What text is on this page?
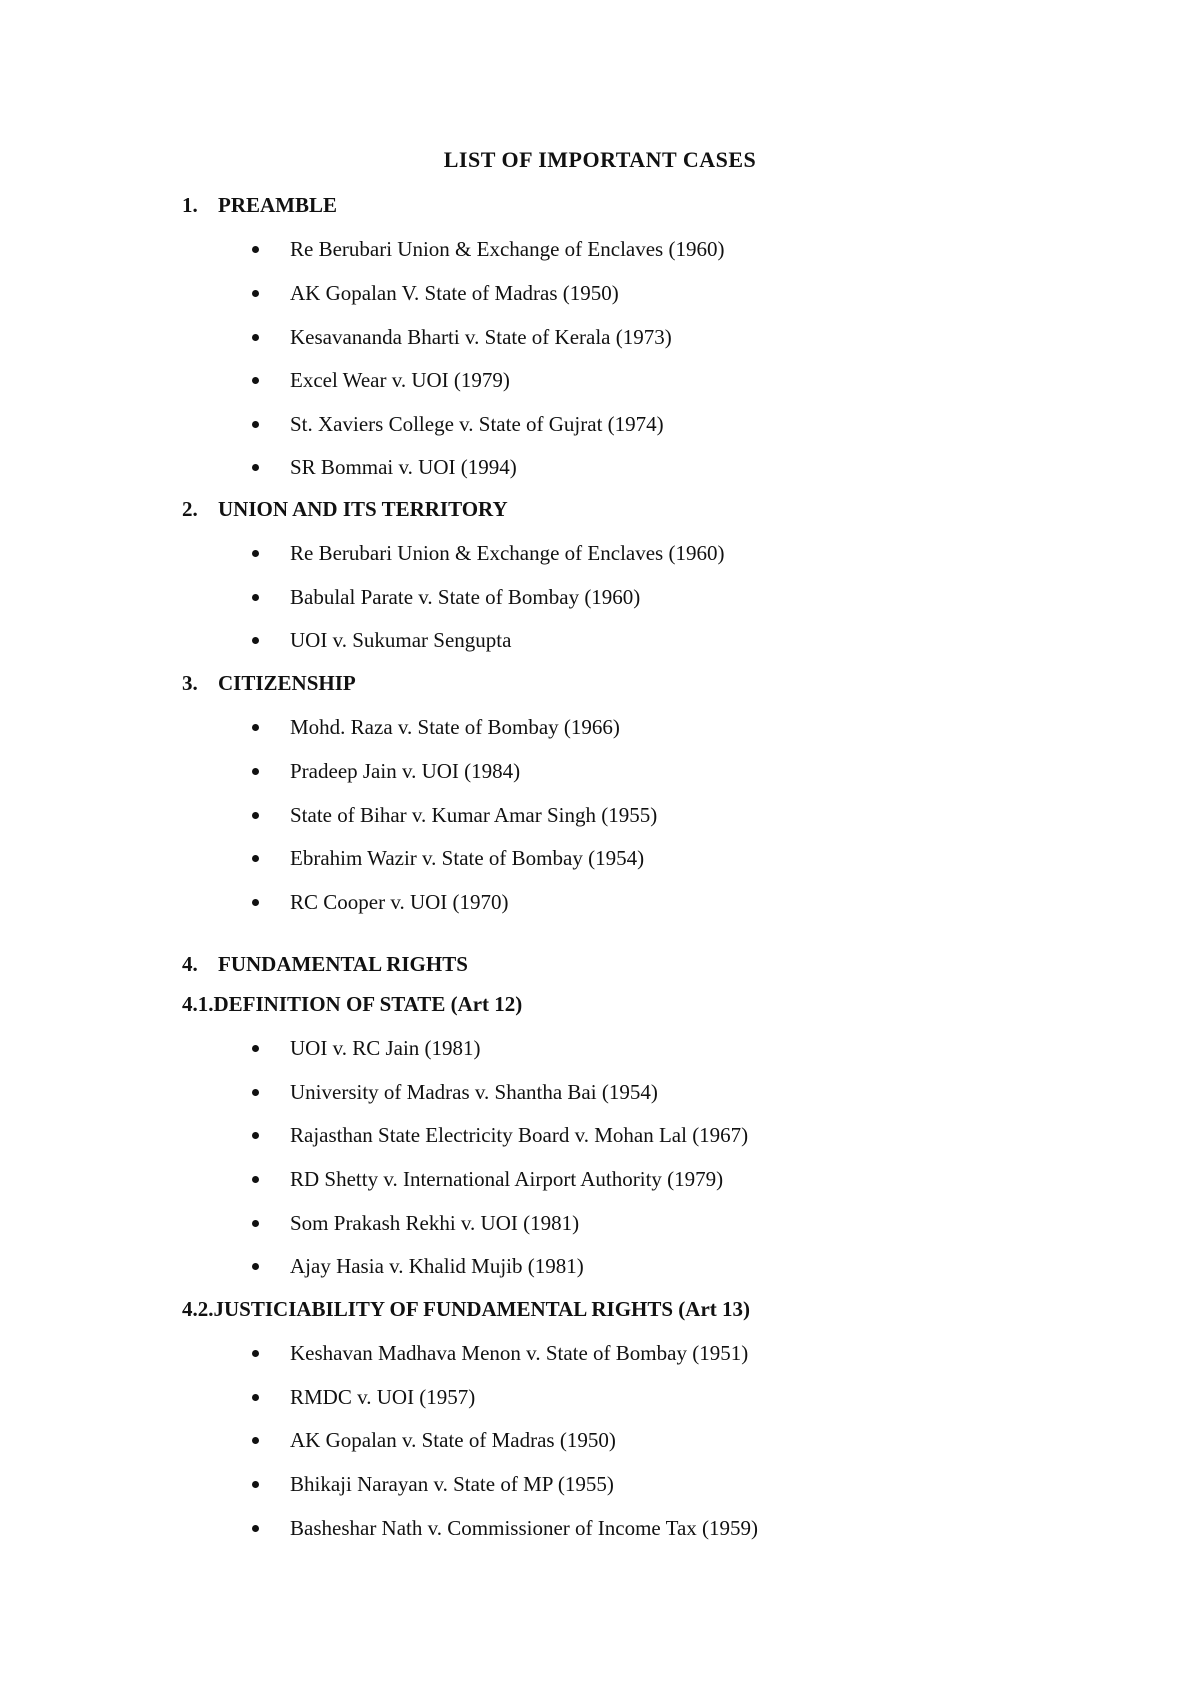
LIST OF IMPORTANT CASES
1. PREAMBLE
Re Berubari Union & Exchange of Enclaves (1960)
AK Gopalan V. State of Madras (1950)
Kesavananda Bharti v. State of Kerala (1973)
Excel Wear v. UOI (1979)
St. Xaviers College v. State of Gujrat (1974)
SR Bommai v. UOI (1994)
2. UNION AND ITS TERRITORY
Re Berubari Union & Exchange of Enclaves (1960)
Babulal Parate v. State of Bombay (1960)
UOI v. Sukumar Sengupta
3. CITIZENSHIP
Mohd. Raza v. State of Bombay (1966)
Pradeep Jain v. UOI (1984)
State of Bihar v. Kumar Amar Singh (1955)
Ebrahim Wazir v. State of Bombay (1954)
RC Cooper v. UOI (1970)
4. FUNDAMENTAL RIGHTS
4.1.DEFINITION OF STATE (Art 12)
UOI v. RC Jain (1981)
University of Madras v. Shantha Bai (1954)
Rajasthan State Electricity Board v. Mohan Lal (1967)
RD Shetty v. International Airport Authority (1979)
Som Prakash Rekhi v. UOI (1981)
Ajay Hasia v. Khalid Mujib (1981)
4.2.JUSTICIABILITY OF FUNDAMENTAL RIGHTS (Art 13)
Keshavan Madhava Menon v. State of Bombay (1951)
RMDC v. UOI (1957)
AK Gopalan v. State of Madras (1950)
Bhikaji Narayan v. State of MP (1955)
Basheshar Nath v. Commissioner of Income Tax (1959)
